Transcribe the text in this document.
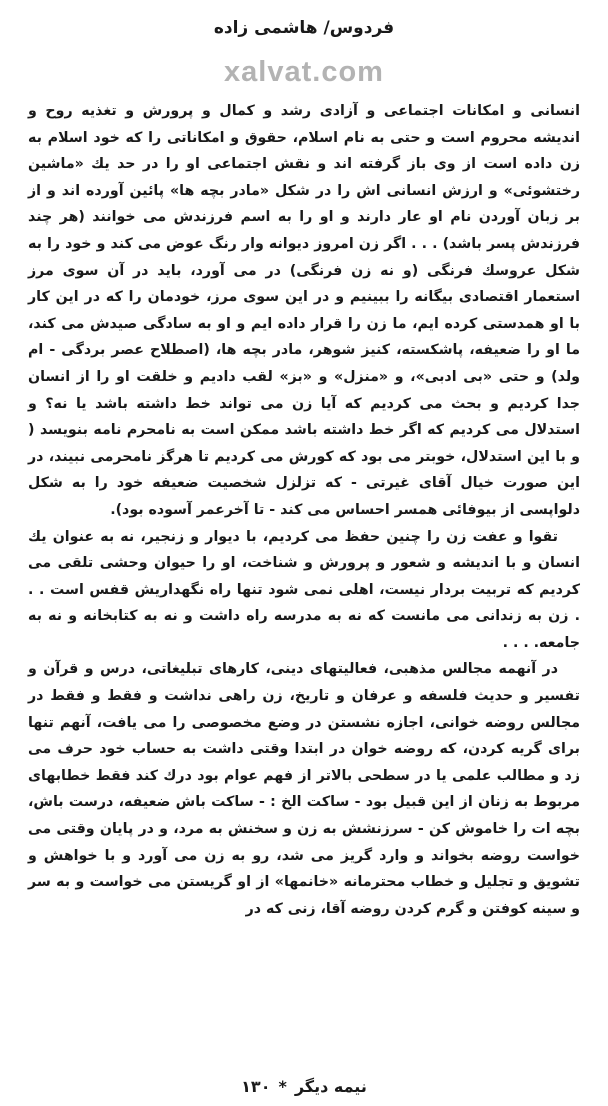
فردوس/ هاشمی زاده
xalvat.com

انسانی و امکانات اجتماعی و آزادی رشد و کمال و پرورش و تغذیه روح و اندیشه محروم است و حتی به نام اسلام، حقوق و امکاناتی را که خود اسلام به زن داده است از وی باز گرفته اند و نقش اجتماعی او را در حد یك «ماشین رختشوئی» و ارزش انسانی اش را در شکل «مادر بچه ها» پائین آورده اند و از بر زبان آوردن نام او عار دارند و او را به اسم فرزندش می خوانند (هر چند فرزندش پسر باشد) . . . اگر زن امروز دیوانه وار رنگ عوض می کند و خود را به شکل عروسك فرنگی (و نه زن فرنگی) در می آورد، باید در آن سوی مرز استعمار اقتصادی بیگانه را ببینیم و در این سوی مرز، خودمان را که در این کار با او همدستی کرده ایم، ما زن را قرار داده ایم و او به سادگی صیدش می کند، ما او را ضعیفه، پاشکسته، کنیز شوهر، مادر بچه ها، (اصطلاح عصر بردگی - ام ولد) و حتی «بی ادبی»، و «منزل» و «بز» لقب دادیم و خلقت او را از انسان جدا کردیم و بحث می کردیم که آیا زن می تواند خط داشته باشد یا نه؟ و استدلال می کردیم که اگر خط داشته باشد ممکن است به نامحرم نامه بنویسد ( و با این استدلال، خوبتر می بود که کورش می کردیم تا هرگز نامحرمی نبیند، در این صورت خیال آقای غیرتی - که تزلزل شخصیت ضعیفه خود را به شکل دلواپسی از بیوفائی همسر احساس می کند - تا آخرعمر آسوده بود).

تقوا و عفت زن را چنین حفظ می کردیم، با دیوار و زنجیر، نه به عنوان یك انسان و با اندیشه و شعور و پرورش و شناخت، او را حیوان وحشی تلقی می کردیم که تربیت بردار نیست، اهلی نمی شود تنها راه نگهداریش قفس است . . . زن به زندانی می مانست که نه به مدرسه راه داشت و نه به کتابخانه و نه به جامعه. . . .

در آنهمه مجالس مذهبی، فعالیتهای دینی، کارهای تبلیغاتی، درس و قرآن و تفسیر و حدیث فلسفه و عرفان و تاریخ، زن راهی نداشت و فقط و فقط در مجالس روضه خوانی، اجازه نشستن در وضع مخصوصی را می یافت، آنهم تنها برای گریه کردن، که روضه خوان در ابتدا وقتی داشت به حساب خود حرف می زد و مطالب علمی یا در سطحی بالاتر از فهم عوام بود درك کند فقط خطابهای مربوط به زنان از این قبیل بود - ساکت الخ : - ساکت باش ضعیفه، درست باش، بچه ات را خاموش کن - سرزنشش به زن و سخنش به مرد، و در پایان وقتی می خواست روضه بخواند و وارد گریز می شد، رو به زن می آورد و با خواهش و تشویق و تجلیل و خطاب محترمانه «خانمها» از او گریستن می خواست و به سر و سینه کوفتن و گرم کردن روضه آقا، زنی که در

نیمه دیگر
*
۱۳۰
